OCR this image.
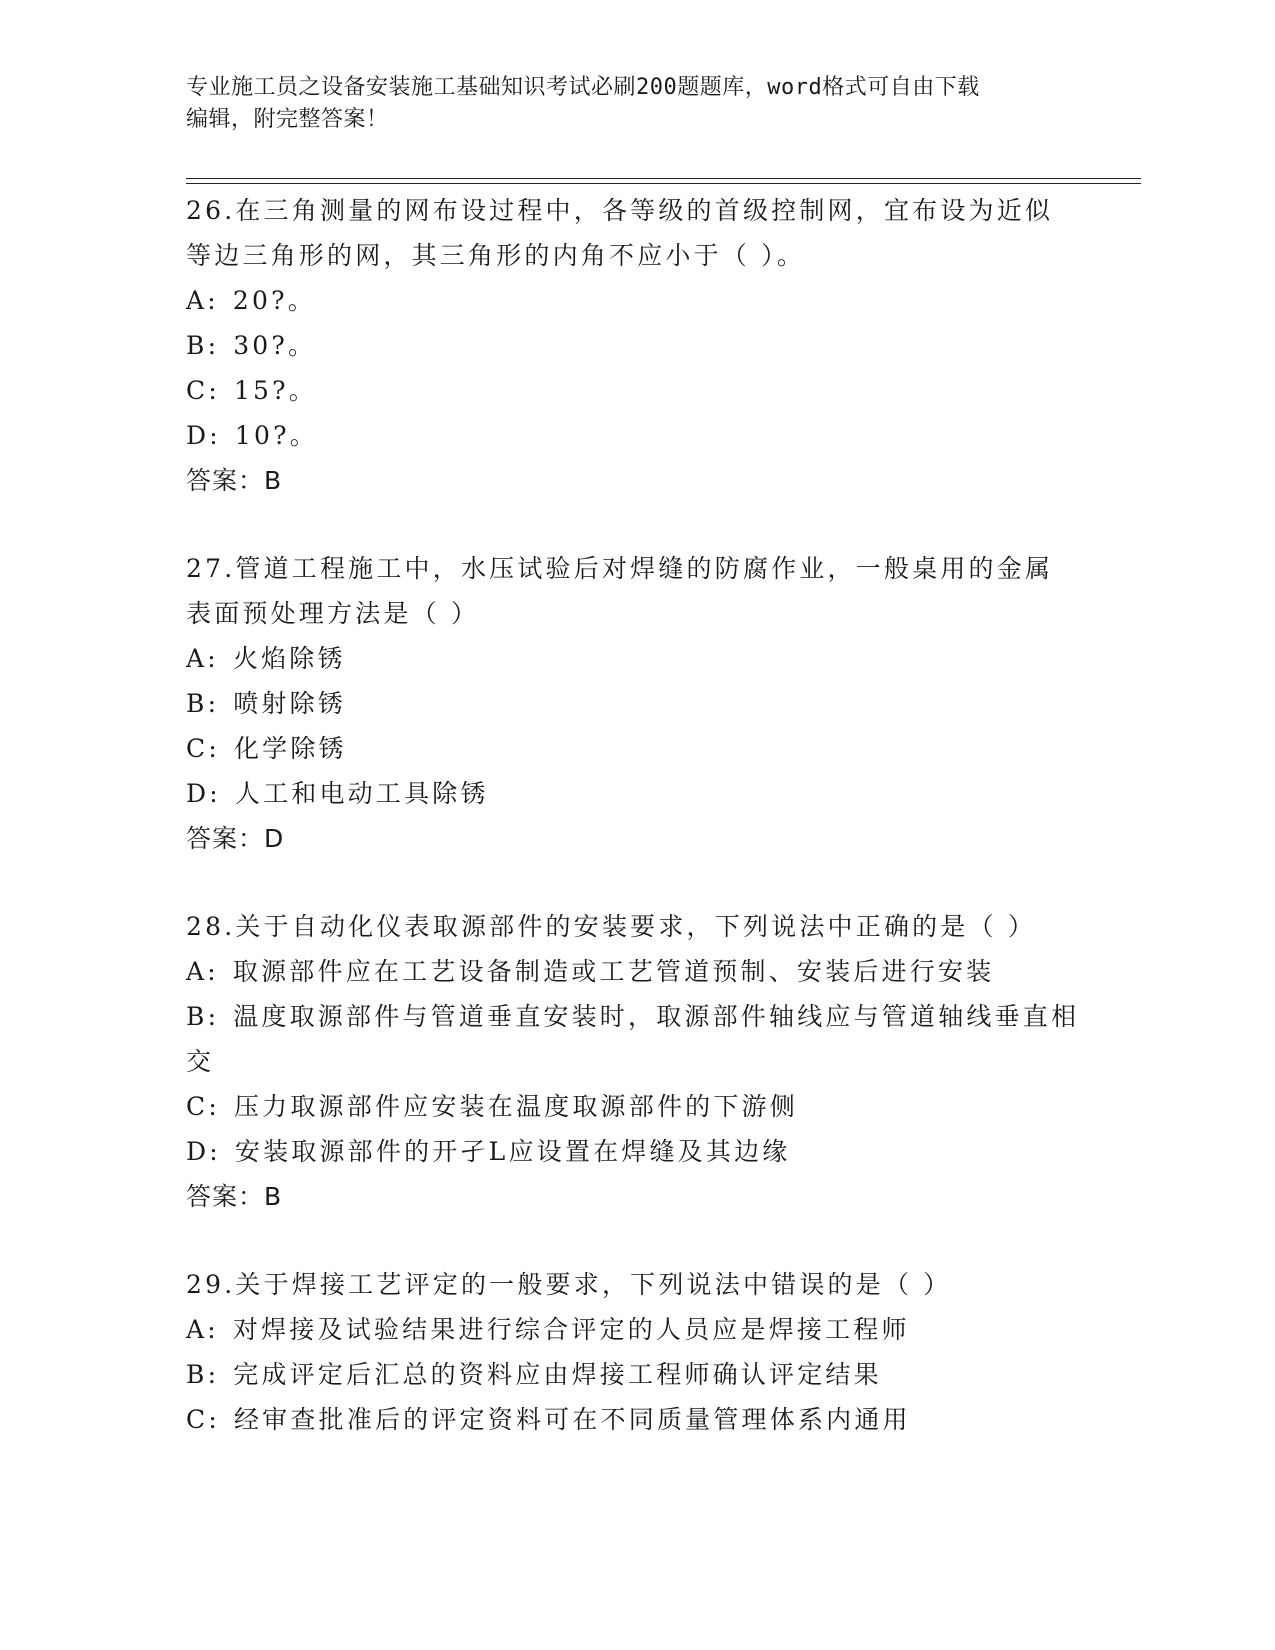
专业施工员之设备安装施工基础知识考试必刷200题题库，word格式可自由下载
编辑，附完整答案！
26.在三角测量的网布设过程中，各等级的首级控制网，宜布设为近似
等边三角形的网，其三角形的内角不应小于（ ）。
A: 20?。
B: 30?。
C: 15?。
D: 10?。
答案：B
27.管道工程施工中，水压试验后对焊缝的防腐作业，一般桌用的金属
表面预处理方法是（ ）
A: 火焰除锈
B: 喷射除锈
C: 化学除锈
D: 人工和电动工具除锈
答案：D
28.关于自动化仪表取源部件的安装要求，下列说法中正确的是（ ）
A: 取源部件应在工艺设备制造或工艺管道预制、安装后进行安装
B: 温度取源部件与管道垂直安装时，取源部件轴线应与管道轴线垂直相交
C: 压力取源部件应安装在温度取源部件的下游侧
D: 安装取源部件的开孑L应设置在焊缝及其边缘
答案：B
29.关于焊接工艺评定的一般要求，下列说法中错误的是（ ）
A: 对焊接及试验结果进行综合评定的人员应是焊接工程师
B: 完成评定后汇总的资料应由焊接工程师确认评定结果
C: 经审查批准后的评定资料可在不同质量管理体系内通用
